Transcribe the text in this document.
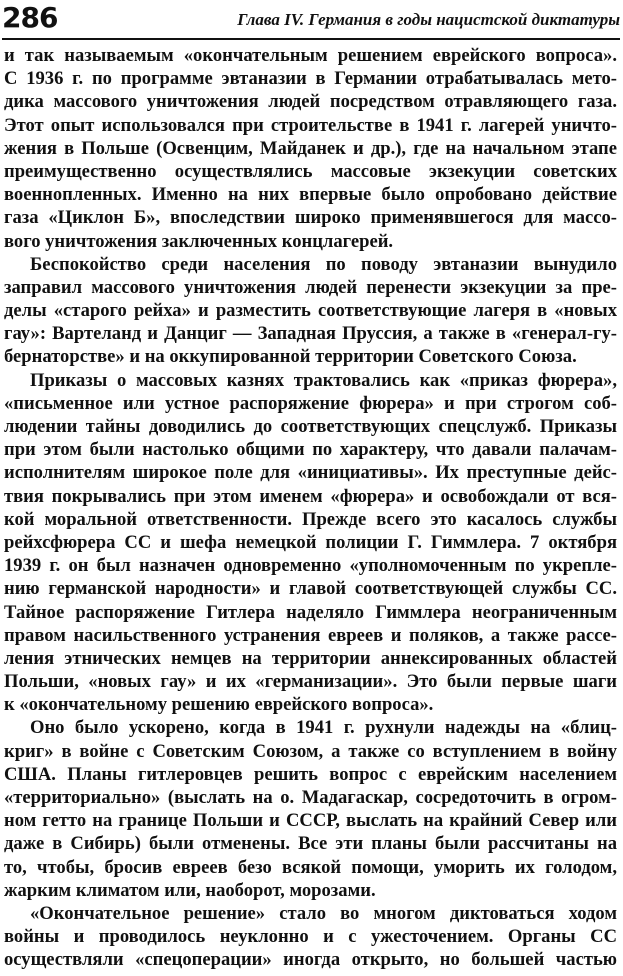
286	Глава IV. Германия в годы нацистской диктатуры
и так называемым «окончательным решением еврейского вопроса».
С 1936 г. по программе эвтаназии в Германии отрабатывалась мето-
дика массового уничтожения людей посредством отравляющего газа.
Этот опыт использовался при строительстве в 1941 г. лагерей уничто-
жения в Польше (Освенцим, Майданек и др.), где на начальном этапе
преимущественно осуществлялись массовые экзекуции советских
военнопленных. Именно на них впервые было опробовано действие
газа «Циклон Б», впоследствии широко применявшегося для массо-
вого уничтожения заключенных концлагерей.
Беспокойство среди населения по поводу эвтаназии вынудило
заправил массового уничтожения людей перенести экзекуции за пре-
делы «старого рейха» и разместить соответствующие лагеря в «новых
гау»: Вартеланд и Данциг — Западная Пруссия, а также в «генерал-гу-
бернаторстве» и на оккупированной территории Советского Союза.
Приказы о массовых казнях трактовались как «приказ фюрера»,
«письменное или устное распоряжение фюрера» и при строгом соб-
людении тайны доводились до соответствующих спецслужб. Приказы
при этом были настолько общими по характеру, что давали палачам-
исполнителям широкое поле для «инициативы». Их преступные дейс-
твия покрывались при этом именем «фюрера» и освобождали от вся-
кой моральной ответственности. Прежде всего это касалось службы
рейхсфюрера СС и шефа немецкой полиции Г. Гиммлера. 7 октября
1939 г. он был назначен одновременно «уполномоченным по укрепле-
нию германской народности» и главой соответствующей службы СС.
Тайное распоряжение Гитлера наделяло Гиммлера неограниченным
правом насильственного устранения евреев и поляков, а также рассе-
ления этнических немцев на территории аннексированных областей
Польши, «новых гау» и их «германизации». Это были первые шаги
к «окончательному решению еврейского вопроса».
Оно было ускорено, когда в 1941 г. рухнули надежды на «блиц-
криг» в войне с Советским Союзом, а также со вступлением в войну
США. Планы гитлеровцев решить вопрос с еврейским населением
«территориально» (выслать на о. Мадагаскар, сосредоточить в огром-
ном гетто на границе Польши и СССР, выслать на крайний Север или
даже в Сибирь) были отменены. Все эти планы были рассчитаны на
то, чтобы, бросив евреев безо всякой помощи, уморить их голодом,
жарким климатом или, наоборот, морозами.
«Окончательное решение» стало во многом диктоваться ходом
войны и проводилось неуклонно и с ужесточением. Органы СС
осуществляли «спецоперации» иногда открыто, но большей частью
